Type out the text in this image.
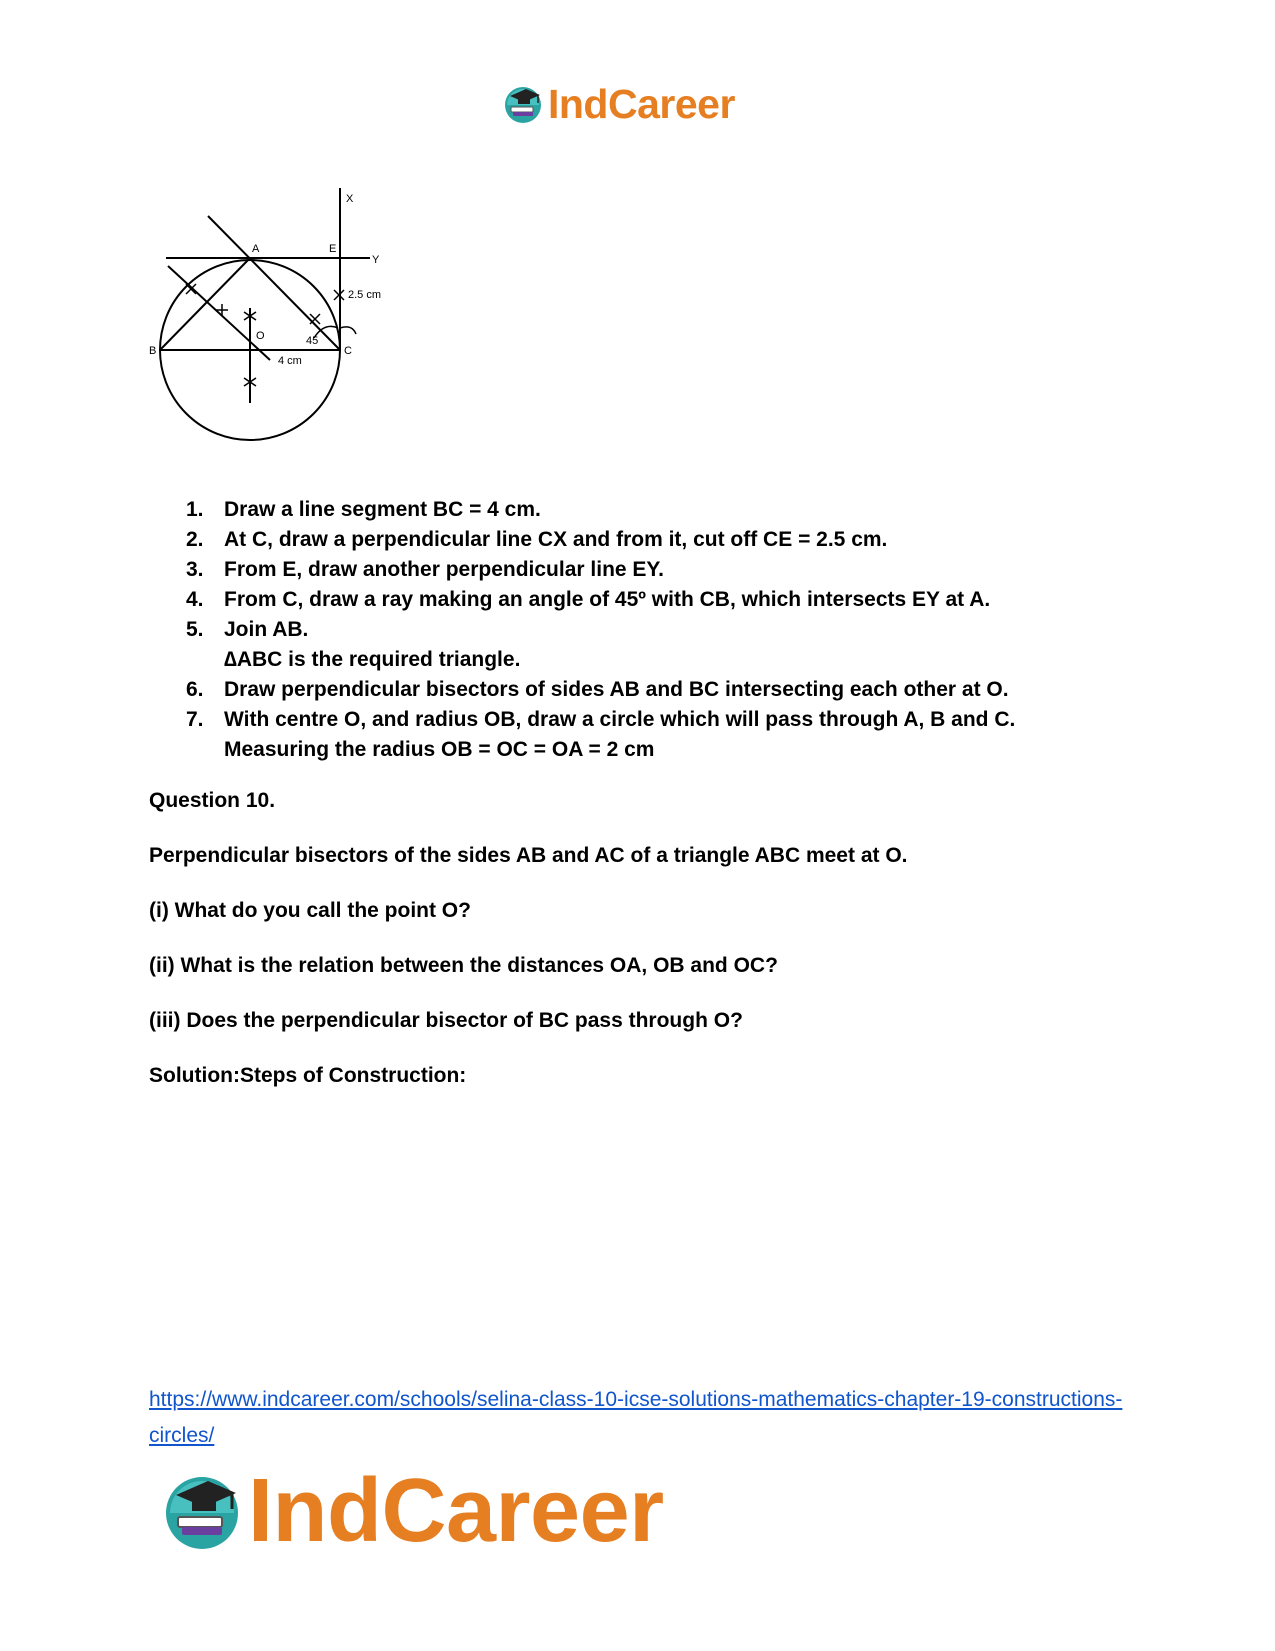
IndCareer
X
Y
A	E
B	C
O
2.5 cm
4 cm
45
1. Draw a line segment BC = 4 cm.
2. At C, draw a perpendicular line CX and from it, cut off CE = 2.5 cm.
3. From E, draw another perpendicular line EY.
4. From C, draw a ray making an angle of 45º with CB, which intersects EY at A.
5. Join AB.
∆ABC is the required triangle.
6. Draw perpendicular bisectors of sides AB and BC intersecting each other at O.
7. With centre O, and radius OB, draw a circle which will pass through A, B and C.
Measuring the radius OB = OC = OA = 2 cm

Question 10.

Perpendicular bisectors of the sides AB and AC of a triangle ABC meet at O.

(i) What do you call the point O?

(ii) What is the relation between the distances OA, OB and OC?

(iii) Does the perpendicular bisector of BC pass through O?

Solution:Steps of Construction:

https://www.indcareer.com/schools/selina-class-10-icse-solutions-mathematics-chapter-19-constructions-circles/
IndCareer
